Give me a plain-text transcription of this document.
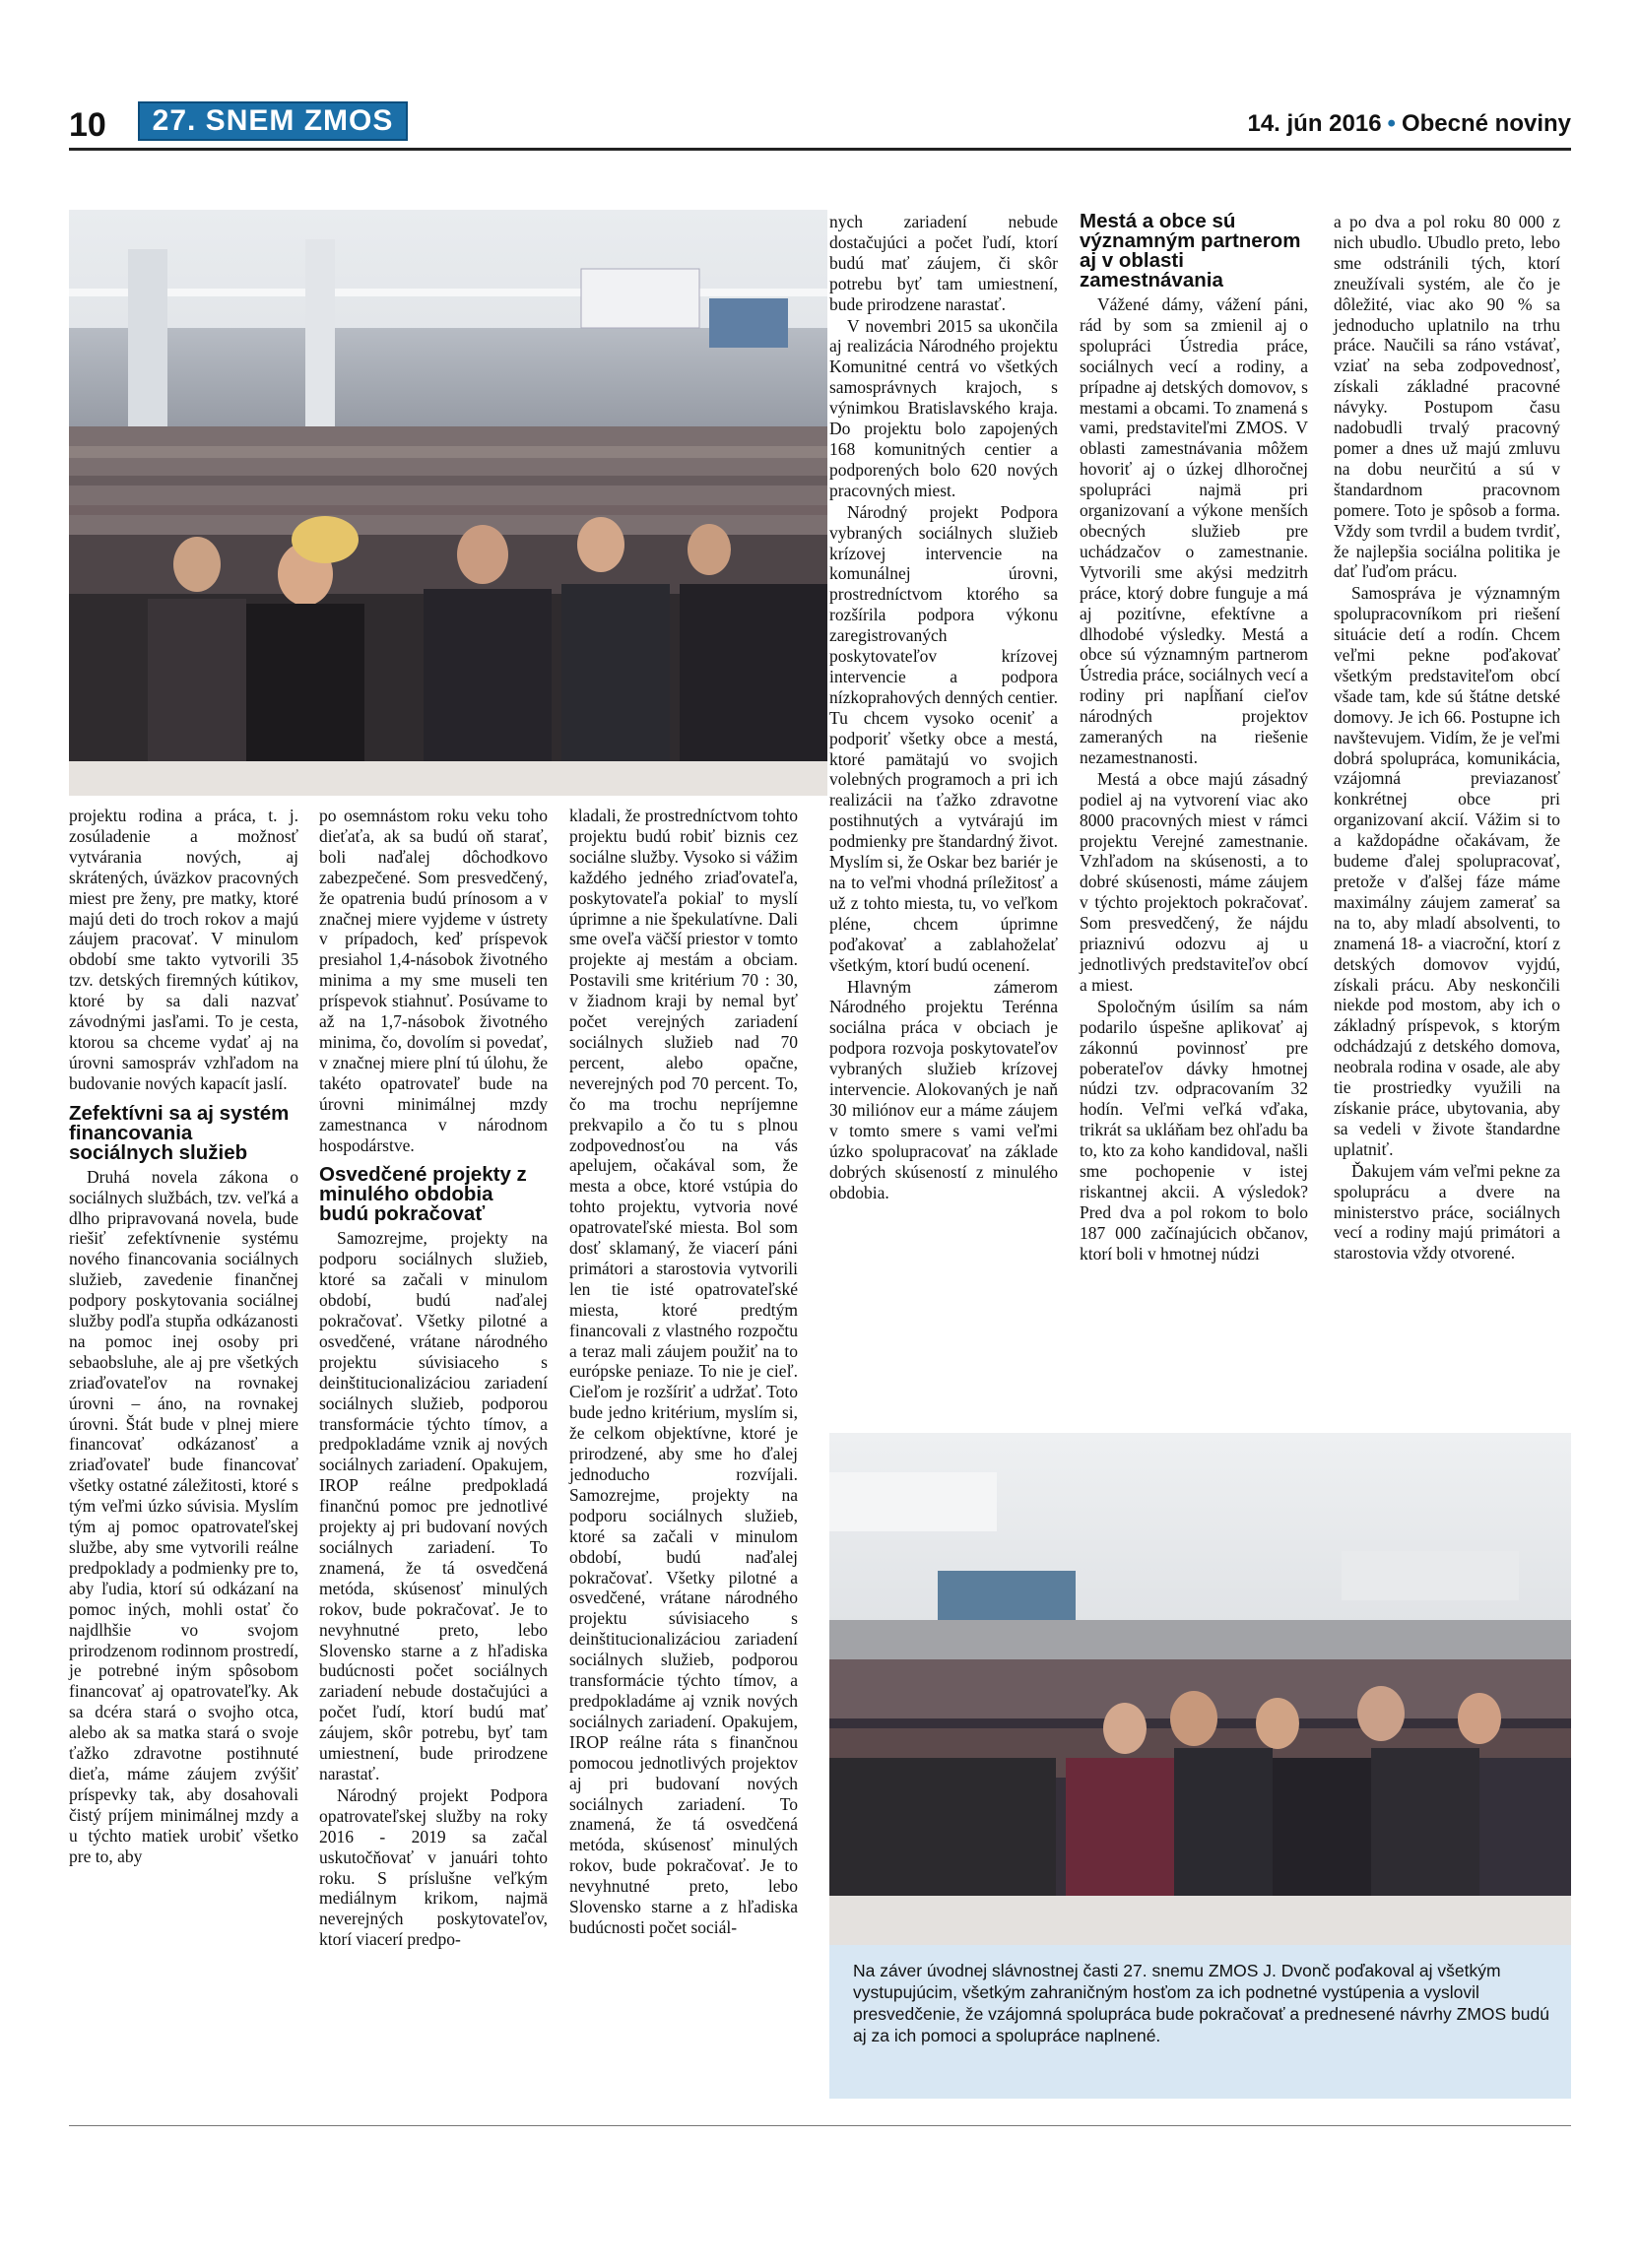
10	27. SNEM ZMOS	14. jún 2016 • Obecné noviny
Na záver úvodnej slávnostnej časti 27. snemu ZMOS J. Dvonč poďakoval aj všetkým vystupujúcim, všetkým zahraničným hosťom za ich podnetné vystúpenia a vyslovil presvedčenie, že vzájomná spolupráca bude pokračovať a prednesené návrhy ZMOS budú aj za ich pomoci a spolupráce naplnené.

projektu rodina a práca, t. j. zosúladenie a možnosť vytvárania nových, aj skrátených, úväzkov pracovných miest pre ženy, pre matky, ktoré majú deti do troch rokov a majú záujem pracovať. V minulom období sme takto vytvorili 35 tzv. detských firemných kútikov, ktoré by sa dali nazvať závodnými jasľami. To je cesta, ktorou sa chceme vydať aj na úrovni samospráv vzhľadom na budovanie nových kapacít jaslí.

Zefektívni sa aj systém financovania sociálnych služieb

Druhá novela zákona o sociálnych službách, tzv. veľká a dlho pripravovaná novela, bude riešiť zefektívnenie systému nového financovania sociálnych služieb, zavedenie finančnej podpory poskytovania sociálnej služby podľa stupňa odkázanosti na pomoc inej osoby pri sebaobsluhe, ale aj pre všetkých zriaďovateľov na rovnakej úrovni – áno, na rovnakej úrovni. Štát bude v plnej miere financovať odkázanosť a zriaďovateľ bude financovať všetky ostatné záležitosti, ktoré s tým veľmi úzko súvisia. Myslím tým aj pomoc opatrovateľskej službe, aby sme vytvorili reálne predpoklady a podmienky pre to, aby ľudia, ktorí sú odkázaní na pomoc iných, mohli ostať čo najdlhšie vo svojom prirodzenom rodinnom prostredí, je potrebné iným spôsobom financovať aj opatrovateľky. Ak sa dcéra stará o svojho otca, alebo ak sa matka stará o svoje ťažko zdravotne postihnuté dieťa, máme záujem zvýšiť príspevky tak, aby dosahovali čistý príjem minimálnej mzdy a u týchto matiek urobiť všetko pre to, aby

po osemnástom roku veku toho dieťaťa, ak sa budú oň starať, boli naďalej dôchodkovo zabezpečené. Som presvedčený, že opatrenia budú prínosom a v značnej miere vyjdeme v ústrety v prípadoch, keď príspevok presiahol 1,4-násobok životného minima a my sme museli ten príspevok stiahnuť. Posúvame to až na 1,7-násobok životného minima, čo, dovolím si povedať, v značnej miere plní tú úlohu, že takéto opatrovateľ bude na úrovni minimálnej mzdy zamestnanca v národnom hospodárstve.

Osvedčené projekty z minulého obdobia budú pokračovať

Samozrejme, projekty na podporu sociálnych služieb, ktoré sa začali v minulom období, budú naďalej pokračovať. Všetky pilotné a osvedčené, vrátane národného projektu súvisiaceho s deinštitucionalizáciou zariadení sociálnych služieb, podporou transformácie týchto tímov, a predpokladáme vznik aj nových sociálnych zariadení. Opakujem, IROP reálne predpokladá finančnú pomoc pre jednotlivé projekty aj pri budovaní nových sociálnych zariadení. To znamená, že tá osvedčená metóda, skúsenosť minulých rokov, bude pokračovať. Je to nevyhnutné preto, lebo Slovensko starne a z hľadiska budúcnosti počet sociálnych zariadení nebude dostačujúci a počet ľudí, ktorí budú mať záujem, skôr potrebu, byť tam umiestnení, bude prirodzene narastať.

Národný projekt Podpora opatrovateľskej služby na roky 2016 - 2019 sa začal uskutočňovať v januári tohto roku. S príslušne veľkým mediálnym krikom, najmä neverejných poskytovateľov, ktorí viacerí predpo-

kladali, že prostredníctvom tohto projektu budú robiť biznis cez sociálne služby. Vysoko si vážim každého jedného zriaďovateľa, poskytovateľa pokiaľ to myslí úprimne a nie špekulatívne. Dali sme oveľa väčší priestor v tomto projekte aj mestám a obciam. Postavili sme kritérium 70 : 30, v žiadnom kraji by nemal byť počet verejných zariadení sociálnych služieb nad 70 percent, alebo opačne, neverejných pod 70 percent. To, čo ma trochu nepríjemne prekvapilo a čo tu s plnou zodpovednosťou na vás apelujem, očakával som, že mesta a obce, ktoré vstúpia do tohto projektu, vytvoria nové opatrovateľské miesta. Bol som dosť sklamaný, že viacerí páni primátori a starostovia vytvorili len tie isté opatrovateľské miesta, ktoré predtým financovali z vlastného rozpočtu a teraz mali záujem použiť na to európske peniaze. To nie je cieľ. Cieľom je rozšíriť a udržať. Toto bude jedno kritérium, myslím si, že celkom objektívne, ktoré je prirodzené, aby sme ho ďalej jednoducho rozvíjali. Samozrejme, projekty na podporu sociálnych služieb, ktoré sa začali v minulom období, budú naďalej pokračovať. Všetky pilotné a osvedčené, vrátane národného projektu súvisiaceho s deinštitucionalizáciou zariadení sociálnych služieb, podporou transformácie týchto tímov, a predpokladáme aj vznik nových sociálnych zariadení. Opakujem, IROP reálne ráta s finančnou pomocou jednotlivých projektov aj pri budovaní nových sociálnych zariadení. To znamená, že tá osvedčená metóda, skúsenosť minulých rokov, bude pokračovať. Je to nevyhnutné preto, lebo Slovensko starne a z hľadiska budúcnosti počet sociál-

nych zariadení nebude dostačujúci a počet ľudí, ktorí budú mať záujem, či skôr potrebu byť tam umiestnení, bude prirodzene narastať.

V novembri 2015 sa ukončila aj realizácia Národného projektu Komunitné centrá vo všetkých samosprávnych krajoch, s výnimkou Bratislavského kraja. Do projektu bolo zapojených 168 komunitných centier a podporených bolo 620 nových pracovných miest.

Národný projekt Podpora vybraných sociálnych služieb krízovej intervencie na komunálnej úrovni, prostredníctvom ktorého sa rozšírila podpora výkonu zaregistrovaných poskytovateľov krízovej intervencie a podpora nízkoprahových denných centier. Tu chcem vysoko oceniť a podporiť všetky obce a mestá, ktoré pamätajú vo svojich volebných programoch a pri ich realizácii na ťažko zdravotne postihnutých a vytvárajú im podmienky pre štandardný život. Myslím si, že Oskar bez bariér je na to veľmi vhodná príležitosť a už z tohto miesta, tu, vo veľkom pléne, chcem úprimne poďakovať a zablahoželať všetkým, ktorí budú ocenení.

Hlavným zámerom Národného projektu Terénna sociálna práca v obciach je podpora rozvoja poskytovateľov vybraných služieb krízovej intervencie. Alokovaných je naň 30 miliónov eur a máme záujem v tomto smere s vami veľmi úzko spolupracovať na základe dobrých skúseností z minulého obdobia.

Mestá a obce sú významným partnerom aj v oblasti zamestnávania

Vážené dámy, vážení páni, rád by som sa zmienil aj o spolupráci Ústredia práce, sociálnych vecí a rodiny, a prípadne aj detských domovov, s mestami a obcami. To znamená s vami, predstaviteľmi ZMOS. V oblasti zamestnávania môžem hovoriť aj o úzkej dlhoročnej spolupráci najmä pri organizovaní a výkone menších obecných služieb pre uchádzačov o zamestnanie. Vytvorili sme akýsi medzitrh práce, ktorý dobre funguje a má aj pozitívne, efektívne a dlhodobé výsledky. Mestá a obce sú významným partnerom Ústredia práce, sociálnych vecí a rodiny pri napĺňaní cieľov národných projektov zameraných na riešenie nezamestnanosti.

Mestá a obce majú zásadný podiel aj na vytvorení viac ako 8000 pracovných miest v rámci projektu Verejné zamestnanie. Vzhľadom na skúsenosti, a to dobré skúsenosti, máme záujem v týchto projektoch pokračovať. Som presvedčený, že nájdu priaznivú odozvu aj u jednotlivých predstaviteľov obcí a miest.

Spoločným úsilím sa nám podarilo úspešne aplikovať aj zákonnú povinnosť pre poberateľov dávky hmotnej núdzi tzv. odpracovaním 32 hodín. Veľmi veľká vďaka, trikrát sa ukláňam bez ohľadu ba to, kto za koho kandidoval, našli sme pochopenie v istej riskantnej akcii. A výsledok? Pred dva a pol rokom to bolo 187 000 začínajúcich občanov, ktorí boli v hmotnej núdzi

a po dva a pol roku 80 000 z nich ubudlo. Ubudlo preto, lebo sme odstránili tých, ktorí zneužívali systém, ale čo je dôležité, viac ako 90 % sa jednoducho uplatnilo na trhu práce. Naučili sa ráno vstávať, vziať na seba zodpovednosť, získali základné pracovné návyky. Postupom času nadobudli trvalý pracovný pomer a dnes už majú zmluvu na dobu neurčitú a sú v štandardnom pracovnom pomere. Toto je spôsob a forma. Vždy som tvrdil a budem tvrdiť, že najlepšia sociálna politika je dať ľuďom prácu.

Samospráva je významným spolupracovníkom pri riešení situácie detí a rodín. Chcem veľmi pekne poďakovať všetkým predstaviteľom obcí všade tam, kde sú štátne detské domovy. Je ich 66. Postupne ich navštevujem. Vidím, že je veľmi dobrá spolupráca, komunikácia, vzájomná previazanosť konkrétnej obce pri organizovaní akcií. Vážim si to a každopádne očakávam, že budeme ďalej spolupracovať, pretože v ďalšej fáze máme maximálny záujem zamerať sa na to, aby mladí absolventi, to znamená 18- a viacroční, ktorí z detských domovov vyjdú, získali prácu. Aby neskončili niekde pod mostom, aby ich o základný príspevok, s ktorým odchádzajú z detského domova, neobrala rodina v osade, ale aby tie prostriedky využili na získanie práce, ubytovania, aby sa vedeli v živote štandardne uplatniť.

Ďakujem vám veľmi pekne za spoluprácu a dvere na ministerstvo práce, sociálnych vecí a rodiny majú primátori a starostovia vždy otvorené.
